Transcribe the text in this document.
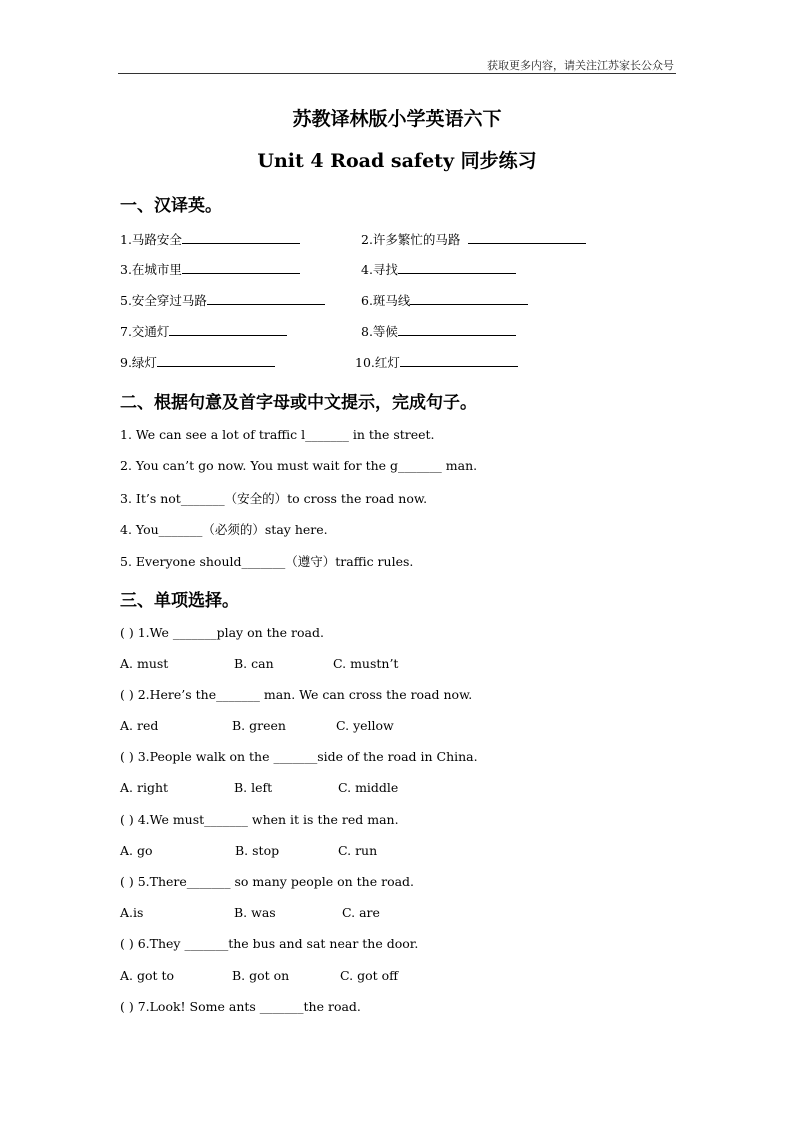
获取更多内容，请关注江苏家长公众号
苏教译林版小学英语六下
Unit 4 Road safety 同步练习
一、汉译英。
1.马路安全	2.许多繁忙的马路
3.在城市里	4.寻找
5.安全穿过马路	6.斑马线
7.交通灯	8.等候
9.绿灯	10.红灯
二、根据句意及首字母或中文提示，完成句子。
1. We can see a lot of traffic l_______ in the street.
2. You can’t go now. You must wait for the g_______ man.
3. It’s not_______（安全的）to cross the road now.
4. You_______（必须的）stay here.
5. Everyone should_______（遵守）traffic rules.
三、单项选择。
( ) 1.We _______play on the road.
A. must	B. can	C. mustn’t
( ) 2.Here’s the_______ man. We can cross the road now.
A. red	B. green	C. yellow
( ) 3.People walk on the _______side of the road in China.
A. right	B. left	C. middle
( ) 4.We must_______ when it is the red man.
A. go	B. stop	C. run
( ) 5.There_______ so many people on the road.
A.is	B. was	C. are
( ) 6.They _______the bus and sat near the door.
A. got to	B. got on	C. got off
( ) 7.Look! Some ants _______the road.
